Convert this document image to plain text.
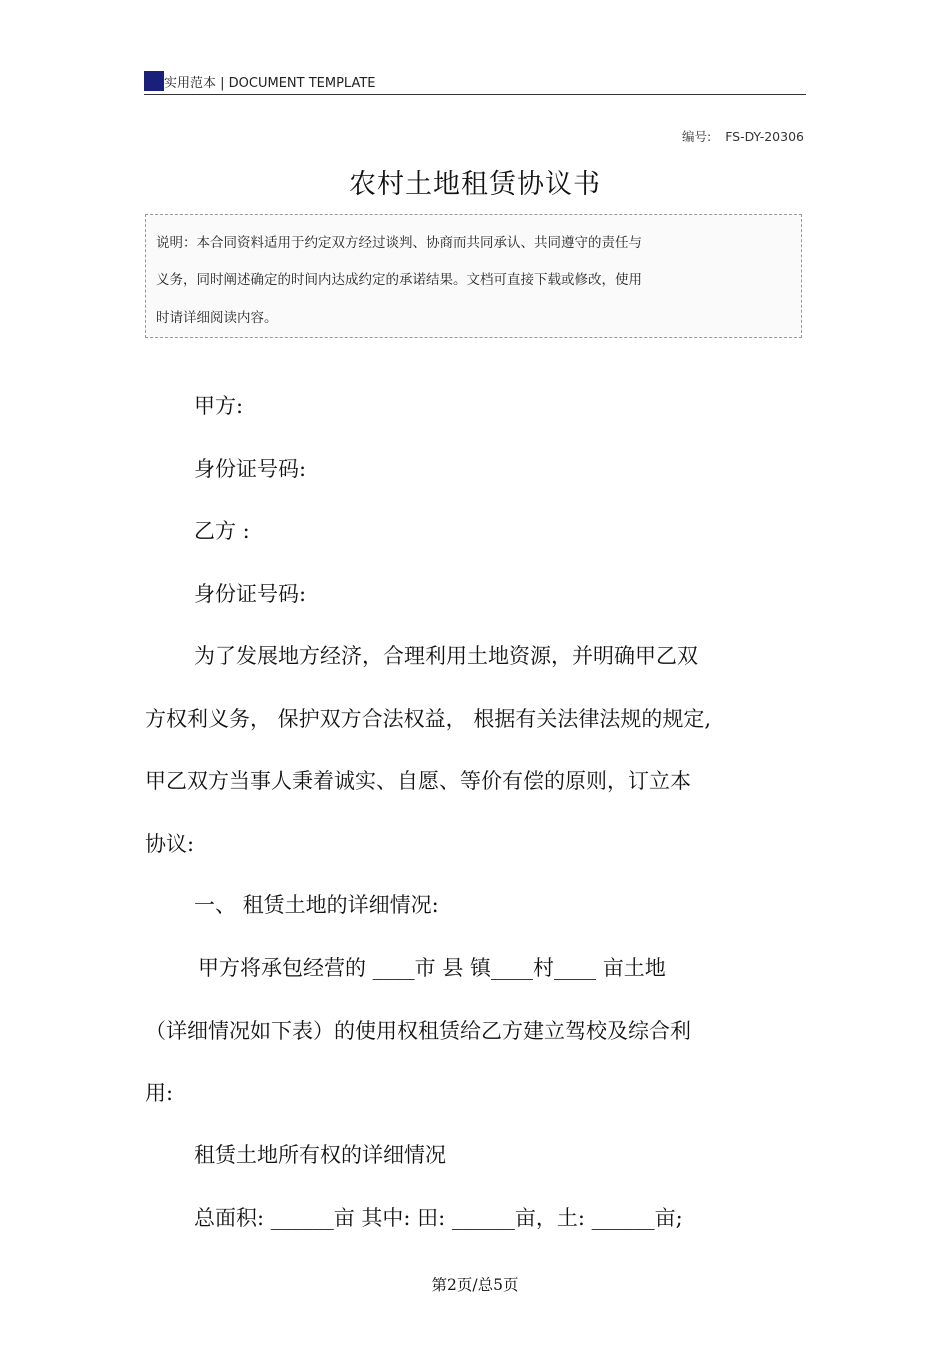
实用范本 | DOCUMENT TEMPLATE
编号: FS-DY-20306
农村土地租赁协议书
说明：本合同资料适用于约定双方经过谈判、协商而共同承认、共同遵守的责任与
义务，同时阐述确定的时间内达成约定的承诺结果。文档可直接下载或修改，使用
时请详细阅读内容。
甲方:
身份证号码:
乙方 :
身份证号码:
为了发展地方经济，合理利用土地资源，并明确甲乙双
方权利义务， 保护双方合法权益， 根据有关法律法规的规定,
甲乙双方当事人秉着诚实、自愿、等价有偿的原则，订立本
协议:
一、 租赁土地的详细情况:
甲方将承包经营的 ____市 县 镇____村____ 亩土地
（详细情况如下表）的使用权租赁给乙方建立驾校及综合利
用:
租赁土地所有权的详细情况
总面积: ______亩 其中: 田: ______亩，土: ______亩;
第2页/总5页
